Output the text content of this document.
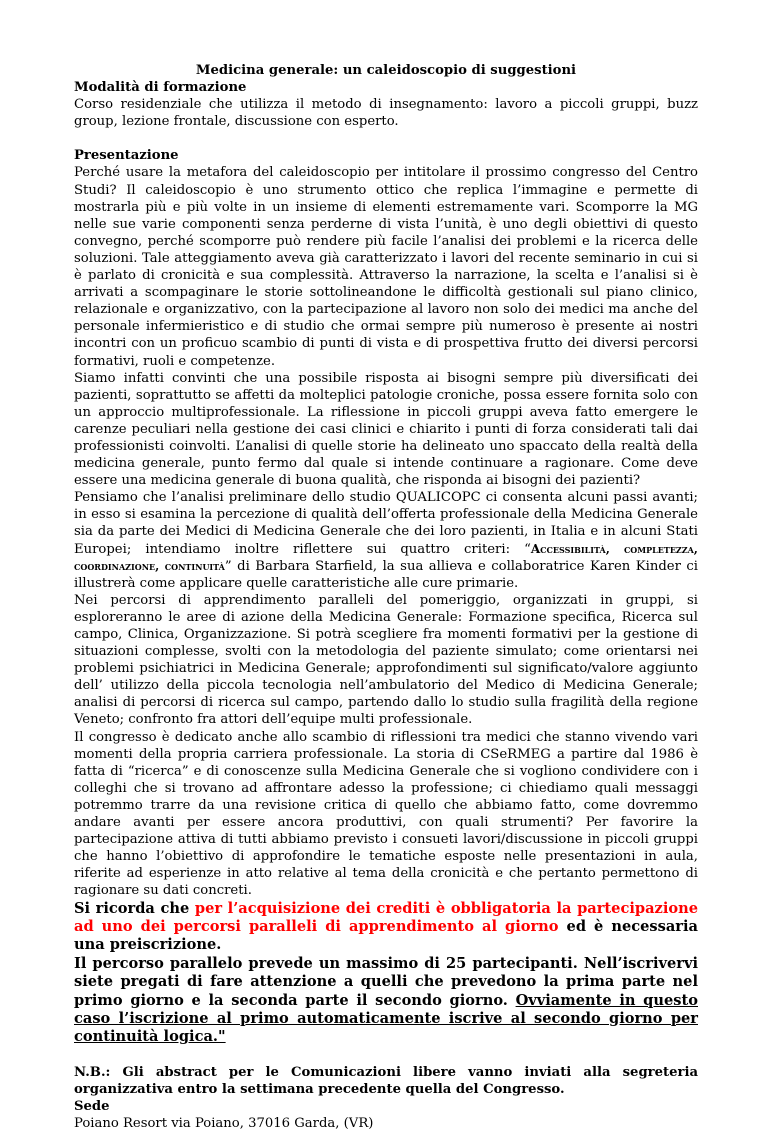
Medicina generale: un caleidoscopio di suggestioni

Modalità di formazione

Corso residenziale che utilizza il metodo di insegnamento: lavoro a piccoli gruppi, buzz group, lezione frontale, discussione con esperto.

Presentazione

Perché usare la metafora del caleidoscopio per intitolare il prossimo congresso del Centro Studi? Il caleidoscopio è uno strumento ottico che replica l’immagine e permette di mostrarla più e più volte in un insieme di elementi estremamente vari. Scomporre la MG nelle sue varie componenti senza perderne di vista l’unità, è uno degli obiettivi di questo convegno, perché scomporre può rendere più facile l’analisi dei problemi e la ricerca delle soluzioni. Tale atteggiamento aveva già caratterizzato i lavori del recente seminario in cui si è parlato di cronicità e sua complessità. Attraverso la narrazione, la scelta e l’analisi si è arrivati a scompaginare le storie sottolineandone le difficoltà gestionali sul piano clinico, relazionale e organizzativo, con la partecipazione al lavoro non solo dei medici ma anche del personale infermieristico e di studio che ormai sempre più numeroso è presente ai nostri incontri con un proficuo scambio di punti di vista e di prospettiva frutto dei diversi percorsi formativi, ruoli e competenze.

Siamo infatti convinti che una possibile risposta ai bisogni sempre più diversificati dei pazienti, soprattutto se affetti da molteplici patologie croniche, possa essere fornita solo con un approccio multiprofessionale. La riflessione in piccoli gruppi aveva fatto emergere le carenze peculiari nella gestione dei casi clinici e chiarito i punti di forza considerati tali dai professionisti coinvolti. L’analisi di quelle storie ha delineato uno spaccato della realtà della medicina generale, punto fermo dal quale si intende continuare a ragionare. Come deve essere una medicina generale di buona qualità, che risponda ai bisogni dei pazienti?

Pensiamo che l’analisi preliminare dello studio QUALICOPC ci consenta alcuni passi avanti; in esso si esamina la percezione di qualità dell’offerta professionale della Medicina Generale sia da parte dei Medici di Medicina Generale che dei loro pazienti, in Italia e in alcuni Stati Europei; intendiamo inoltre riflettere sui quattro criteri: “Accessibilità, completezza, coordinazione, continuità” di Barbara Starfield, la sua allieva e collaboratrice Karen Kinder ci illustrerà come applicare quelle caratteristiche alle cure primarie.

Nei percorsi di apprendimento paralleli del pomeriggio, organizzati in gruppi, si esploreranno le aree di azione della Medicina Generale: Formazione specifica, Ricerca sul campo, Clinica, Organizzazione. Si potrà scegliere fra momenti formativi per la gestione di situazioni complesse, svolti con la metodologia del paziente simulato; come orientarsi nei problemi psichiatrici in Medicina Generale; approfondimenti sul significato/valore aggiunto dell’ utilizzo della piccola tecnologia nell’ambulatorio del Medico di Medicina Generale; analisi di percorsi di ricerca sul campo, partendo dallo lo studio sulla fragilità della regione Veneto; confronto fra attori dell’equipe multi professionale.

Il congresso è dedicato anche allo scambio di riflessioni tra medici che stanno vivendo vari momenti della propria carriera professionale. La storia di CSeRMEG a partire dal 1986 è fatta di “ricerca” e di conoscenze sulla Medicina Generale che si vogliono condividere con i colleghi che si trovano ad affrontare adesso la professione; ci chiediamo quali messaggi potremmo trarre da una revisione critica di quello che abbiamo fatto, come dovremmo andare avanti per essere ancora produttivi, con quali strumenti? Per favorire la partecipazione attiva di tutti abbiamo previsto i consueti lavori/discussione in piccoli gruppi che hanno l’obiettivo di approfondire le tematiche esposte nelle presentazioni in aula, riferite ad esperienze in atto relative al tema della cronicità e che pertanto permettono di ragionare su dati concreti.

Si ricorda che per l’acquisizione dei crediti è obbligatoria la partecipazione ad uno dei percorsi paralleli di apprendimento al giorno ed è necessaria una preiscrizione.

Il percorso parallelo prevede un massimo di 25 partecipanti. Nell’iscrivervi siete pregati di fare attenzione a quelli che prevedono la prima parte nel primo giorno e la seconda parte il secondo giorno. Ovviamente in questo caso l’iscrizione al primo automaticamente iscrive al secondo giorno per continuità logica."

N.B.: Gli abstract per le Comunicazioni libere vanno inviati alla segreteria organizzativa entro la settimana precedente quella del Congresso.

Sede

Poiano Resort via Poiano, 37016 Garda, (VR)
